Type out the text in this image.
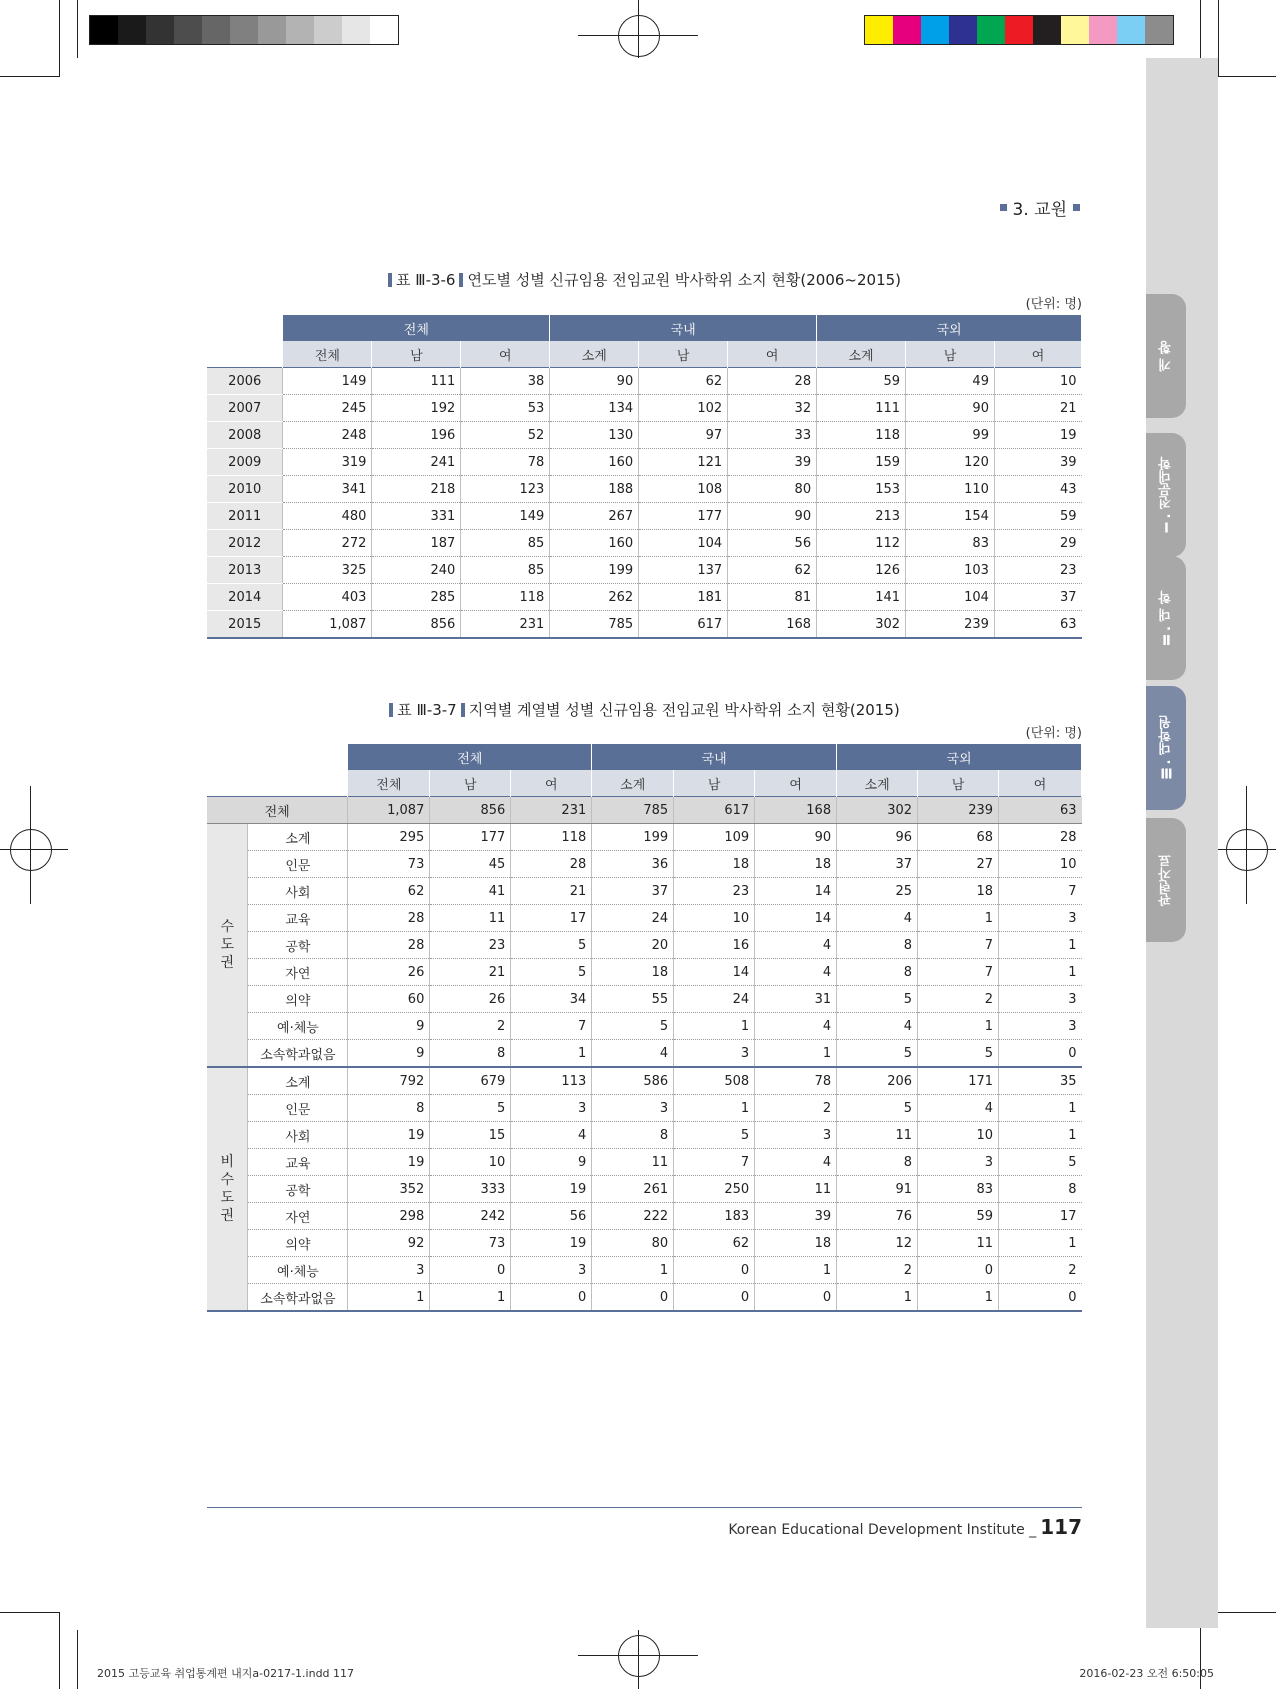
개 황
Ⅰ. 전문대학
Ⅱ. 대 학
Ⅲ. 대학원
관련자료
3. 교원
표 Ⅲ-3-6 연도별 성별 신규임용 전임교원 박사학위 소지 현황(2006~2015)
(단위: 명)
	전체			국내			국외		
	전체	남	여	소계	남	여	소계	남	여
2006	149	111	38	90	62	28	59	49	10
2007	245	192	53	134	102	32	111	90	21
2008	248	196	52	130	97	33	118	99	19
2009	319	241	78	160	121	39	159	120	39
2010	341	218	123	188	108	80	153	110	43
2011	480	331	149	267	177	90	213	154	59
2012	272	187	85	160	104	56	112	83	29
2013	325	240	85	199	137	62	126	103	23
2014	403	285	118	262	181	81	141	104	37
2015	1,087	856	231	785	617	168	302	239	63
표 Ⅲ-3-7 지역별 계열별 성별 신규임용 전임교원 박사학위 소지 현황(2015)
(단위: 명)
		전체			국내			국외		
		전체	남	여	소계	남	여	소계	남	여
전체		1,087	856	231	785	617	168	302	239	63

수
도
권	소계	295	177	118	199	109	90	96	68	28
	인문	73	45	28	36	18	18	37	27	10
	사회	62	41	21	37	23	14	25	18	7
	교육	28	11	17	24	10	14	4	1	3
	공학	28	23	5	20	16	4	8	7	1
	자연	26	21	5	18	14	4	8	7	1
	의약	60	26	34	55	24	31	5	2	3
	예·체능	9	2	7	5	1	4	4	1	3
	소속학과없음	9	8	1	4	3	1	5	5	0

비
수
도
권	소계	792	679	113	586	508	78	206	171	35
	인문	8	5	3	3	1	2	5	4	1
	사회	19	15	4	8	5	3	11	10	1
	교육	19	10	9	11	7	4	8	3	5
	공학	352	333	19	261	250	11	91	83	8
	자연	298	242	56	222	183	39	76	59	17
	의약	92	73	19	80	62	18	12	11	1
	예·체능	3	0	3	1	0	1	2	0	2
	소속학과없음	1	1	0	0	0	0	1	1	0
Korean Educational Development Institute _ 117
2015 고등교육 취업통계편 내지a-0217-1.indd 117	2016-02-23 오전 6:50:05
